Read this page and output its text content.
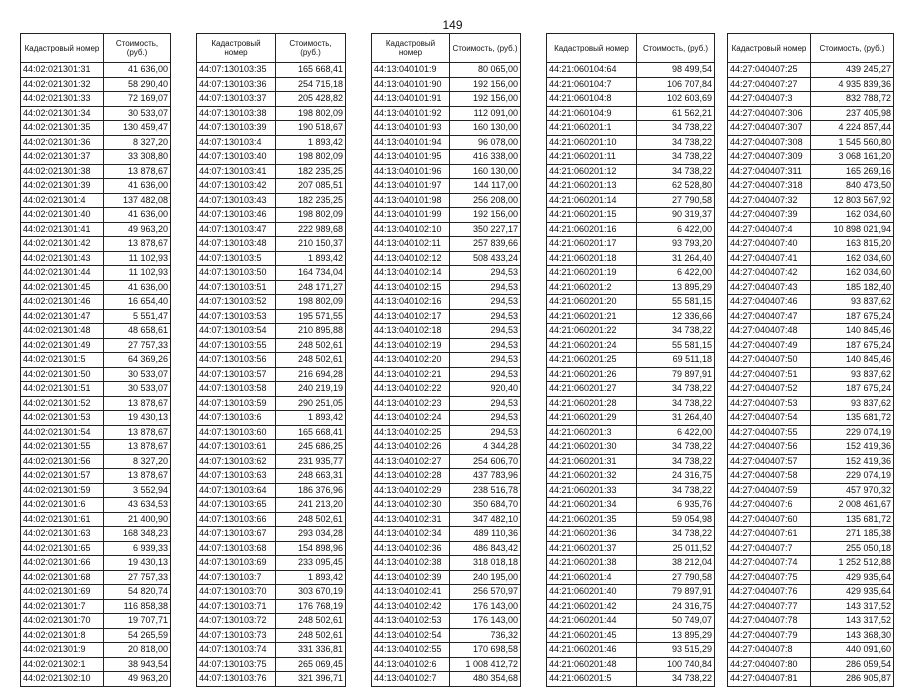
149
Кадастровый номер	Стоимость, (руб.)
44:02:021301:31	41 636,00
44:02:021301:32	58 290,40
44:02:021301:33	72 169,07
44:02:021301:34	30 533,07
44:02:021301:35	130 459,47
44:02:021301:36	8 327,20
44:02:021301:37	33 308,80
44:02:021301:38	13 878,67
44:02:021301:39	41 636,00
44:02:021301:4	137 482,08
44:02:021301:40	41 636,00
44:02:021301:41	49 963,20
44:02:021301:42	13 878,67
44:02:021301:43	11 102,93
44:02:021301:44	11 102,93
44:02:021301:45	41 636,00
44:02:021301:46	16 654,40
44:02:021301:47	5 551,47
44:02:021301:48	48 658,61
44:02:021301:49	27 757,33
44:02:021301:5	64 369,26
44:02:021301:50	30 533,07
44:02:021301:51	30 533,07
44:02:021301:52	13 878,67
44:02:021301:53	19 430,13
44:02:021301:54	13 878,67
44:02:021301:55	13 878,67
44:02:021301:56	8 327,20
44:02:021301:57	13 878,67
44:02:021301:59	3 552,94
44:02:021301:6	43 634,53
44:02:021301:61	21 400,90
44:02:021301:63	168 348,23
44:02:021301:65	6 939,33
44:02:021301:66	19 430,13
44:02:021301:68	27 757,33
44:02:021301:69	54 820,74
44:02:021301:7	116 858,38
44:02:021301:70	19 707,71
44:02:021301:8	54 265,59
44:02:021301:9	20 818,00
44:02:021302:1	38 943,54
44:02:021302:10	49 963,20
Кадастровый номер	Стоимость, (руб.)
44:07:130103:35	165 668,41
44:07:130103:36	254 715,18
44:07:130103:37	205 428,82
44:07:130103:38	198 802,09
44:07:130103:39	190 518,67
44:07:130103:4	1 893,42
44:07:130103:40	198 802,09
44:07:130103:41	182 235,25
44:07:130103:42	207 085,51
44:07:130103:43	182 235,25
44:07:130103:46	198 802,09
44:07:130103:47	222 989,68
44:07:130103:48	210 150,37
44:07:130103:5	1 893,42
44:07:130103:50	164 734,04
44:07:130103:51	248 171,27
44:07:130103:52	198 802,09
44:07:130103:53	195 571,55
44:07:130103:54	210 895,88
44:07:130103:55	248 502,61
44:07:130103:56	248 502,61
44:07:130103:57	216 694,28
44:07:130103:58	240 219,19
44:07:130103:59	290 251,05
44:07:130103:6	1 893,42
44:07:130103:60	165 668,41
44:07:130103:61	245 686,25
44:07:130103:62	231 935,77
44:07:130103:63	248 663,31
44:07:130103:64	186 376,96
44:07:130103:65	241 213,20
44:07:130103:66	248 502,61
44:07:130103:67	293 034,28
44:07:130103:68	154 898,96
44:07:130103:69	233 095,45
44:07:130103:7	1 893,42
44:07:130103:70	303 670,19
44:07:130103:71	176 768,19
44:07:130103:72	248 502,61
44:07:130103:73	248 502,61
44:07:130103:74	331 336,81
44:07:130103:75	265 069,45
44:07:130103:76	321 396,71
Кадастровый номер	Стоимость, (руб.)
44:13:040101:9	80 065,00
44:13:040101:90	192 156,00
44:13:040101:91	192 156,00
44:13:040101:92	112 091,00
44:13:040101:93	160 130,00
44:13:040101:94	96 078,00
44:13:040101:95	416 338,00
44:13:040101:96	160 130,00
44:13:040101:97	144 117,00
44:13:040101:98	256 208,00
44:13:040101:99	192 156,00
44:13:040102:10	350 227,17
44:13:040102:11	257 839,66
44:13:040102:12	508 433,24
44:13:040102:14	294,53
44:13:040102:15	294,53
44:13:040102:16	294,53
44:13:040102:17	294,53
44:13:040102:18	294,53
44:13:040102:19	294,53
44:13:040102:20	294,53
44:13:040102:21	294,53
44:13:040102:22	920,40
44:13:040102:23	294,53
44:13:040102:24	294,53
44:13:040102:25	294,53
44:13:040102:26	4 344,28
44:13:040102:27	254 606,70
44:13:040102:28	437 783,96
44:13:040102:29	238 516,78
44:13:040102:30	350 684,70
44:13:040102:31	347 482,10
44:13:040102:34	489 110,36
44:13:040102:36	486 843,42
44:13:040102:38	318 018,18
44:13:040102:39	240 195,00
44:13:040102:41	256 570,97
44:13:040102:42	176 143,00
44:13:040102:53	176 143,00
44:13:040102:54	736,32
44:13:040102:55	170 698,58
44:13:040102:6	1 008 412,72
44:13:040102:7	480 354,68
Кадастровый номер	Стоимость, (руб.)
44:21:060104:64	98 499,54
44:21:060104:7	106 707,84
44:21:060104:8	102 603,69
44:21:060104:9	61 562,21
44:21:060201:1	34 738,22
44:21:060201:10	34 738,22
44:21:060201:11	34 738,22
44:21:060201:12	34 738,22
44:21:060201:13	62 528,80
44:21:060201:14	27 790,58
44:21:060201:15	90 319,37
44:21:060201:16	6 422,00
44:21:060201:17	93 793,20
44:21:060201:18	31 264,40
44:21:060201:19	6 422,00
44:21:060201:2	13 895,29
44:21:060201:20	55 581,15
44:21:060201:21	12 336,66
44:21:060201:22	34 738,22
44:21:060201:24	55 581,15
44:21:060201:25	69 511,18
44:21:060201:26	79 897,91
44:21:060201:27	34 738,22
44:21:060201:28	34 738,22
44:21:060201:29	31 264,40
44:21:060201:3	6 422,00
44:21:060201:30	34 738,22
44:21:060201:31	34 738,22
44:21:060201:32	24 316,75
44:21:060201:33	34 738,22
44:21:060201:34	6 935,76
44:21:060201:35	59 054,98
44:21:060201:36	34 738,22
44:21:060201:37	25 011,52
44:21:060201:38	38 212,04
44:21:060201:4	27 790,58
44:21:060201:40	79 897,91
44:21:060201:42	24 316,75
44:21:060201:44	50 749,07
44:21:060201:45	13 895,29
44:21:060201:46	93 515,29
44:21:060201:48	100 740,84
44:21:060201:5	34 738,22
Кадастровый номер	Стоимость, (руб.)
44:27:040407:25	439 245,27
44:27:040407:27	4 935 839,36
44:27:040407:3	832 788,72
44:27:040407:306	237 405,98
44:27:040407:307	4 224 857,44
44:27:040407:308	1 545 560,80
44:27:040407:309	3 068 161,20
44:27:040407:311	165 269,16
44:27:040407:318	840 473,50
44:27:040407:32	12 803 567,92
44:27:040407:39	162 034,60
44:27:040407:4	10 898 021,94
44:27:040407:40	163 815,20
44:27:040407:41	162 034,60
44:27:040407:42	162 034,60
44:27:040407:43	185 182,40
44:27:040407:46	93 837,62
44:27:040407:47	187 675,24
44:27:040407:48	140 845,46
44:27:040407:49	187 675,24
44:27:040407:50	140 845,46
44:27:040407:51	93 837,62
44:27:040407:52	187 675,24
44:27:040407:53	93 837,62
44:27:040407:54	135 681,72
44:27:040407:55	229 074,19
44:27:040407:56	152 419,36
44:27:040407:57	152 419,36
44:27:040407:58	229 074,19
44:27:040407:59	457 970,32
44:27:040407:6	2 008 461,67
44:27:040407:60	135 681,72
44:27:040407:61	271 185,38
44:27:040407:7	255 050,18
44:27:040407:74	1 252 512,88
44:27:040407:75	429 935,64
44:27:040407:76	429 935,64
44:27:040407:77	143 317,52
44:27:040407:78	143 317,52
44:27:040407:79	143 368,30
44:27:040407:8	440 091,60
44:27:040407:80	286 059,54
44:27:040407:81	286 905,87
